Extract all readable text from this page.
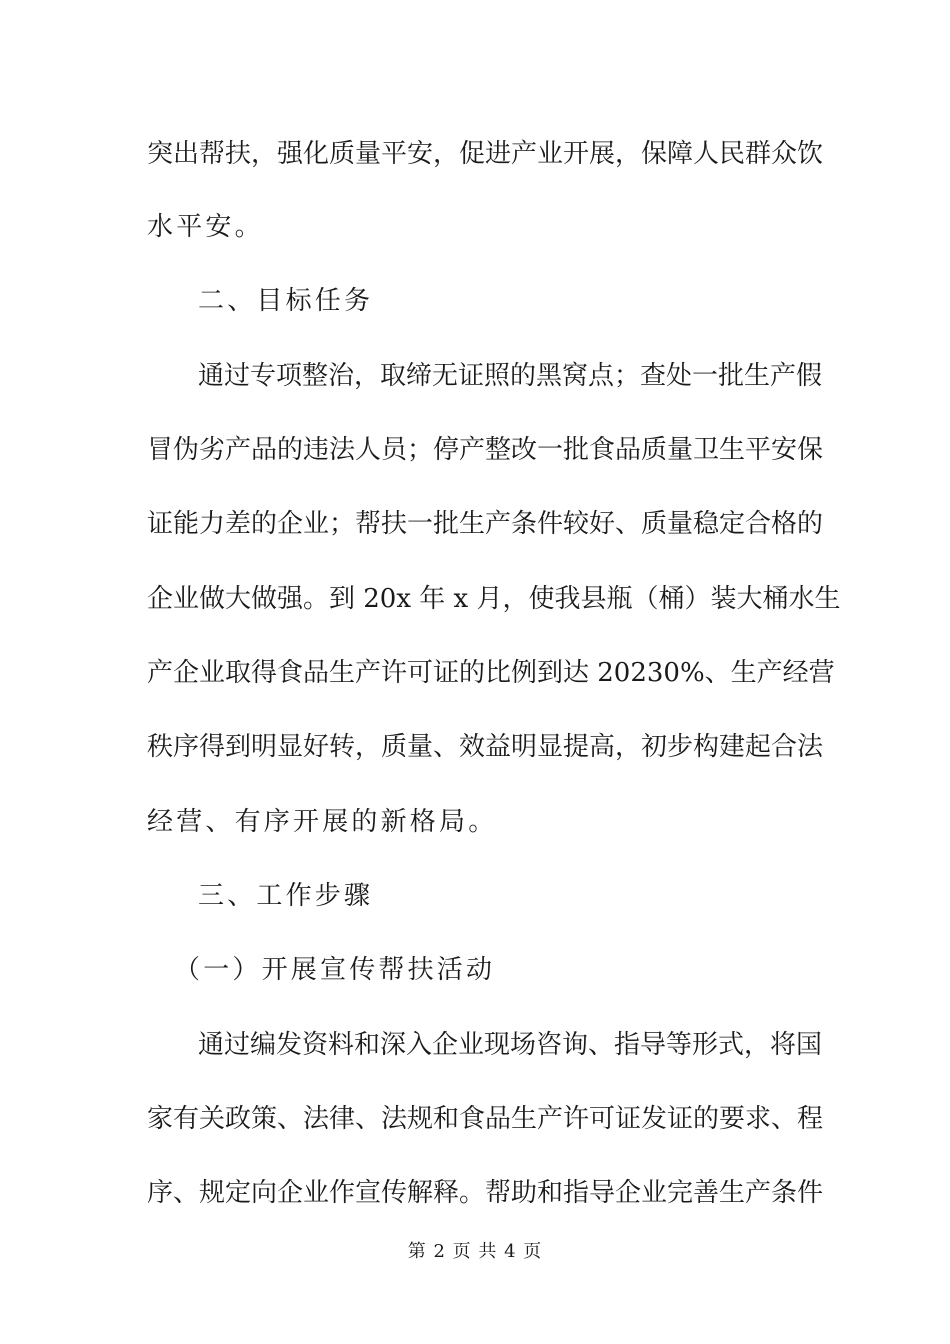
突出帮扶，强化质量平安，促进产业开展，保障人民群众饮
水平安。
二、目标任务
通过专项整治，取缔无证照的黑窝点；查处一批生产假
冒伪劣产品的违法人员；停产整改一批食品质量卫生平安保
证能力差的企业；帮扶一批生产条件较好、质量稳定合格的
企业做大做强。到 20x 年 x 月，使我县瓶（桶）装大桶水生
产企业取得食品生产许可证的比例到达 20230%、生产经营
秩序得到明显好转，质量、效益明显提高，初步构建起合法
经营、有序开展的新格局。
三、工作步骤
（一）开展宣传帮扶活动
通过编发资料和深入企业现场咨询、指导等形式，将国
家有关政策、法律、法规和食品生产许可证发证的要求、程
序、规定向企业作宣传解释。帮助和指导企业完善生产条件
第 2 页 共 4 页
